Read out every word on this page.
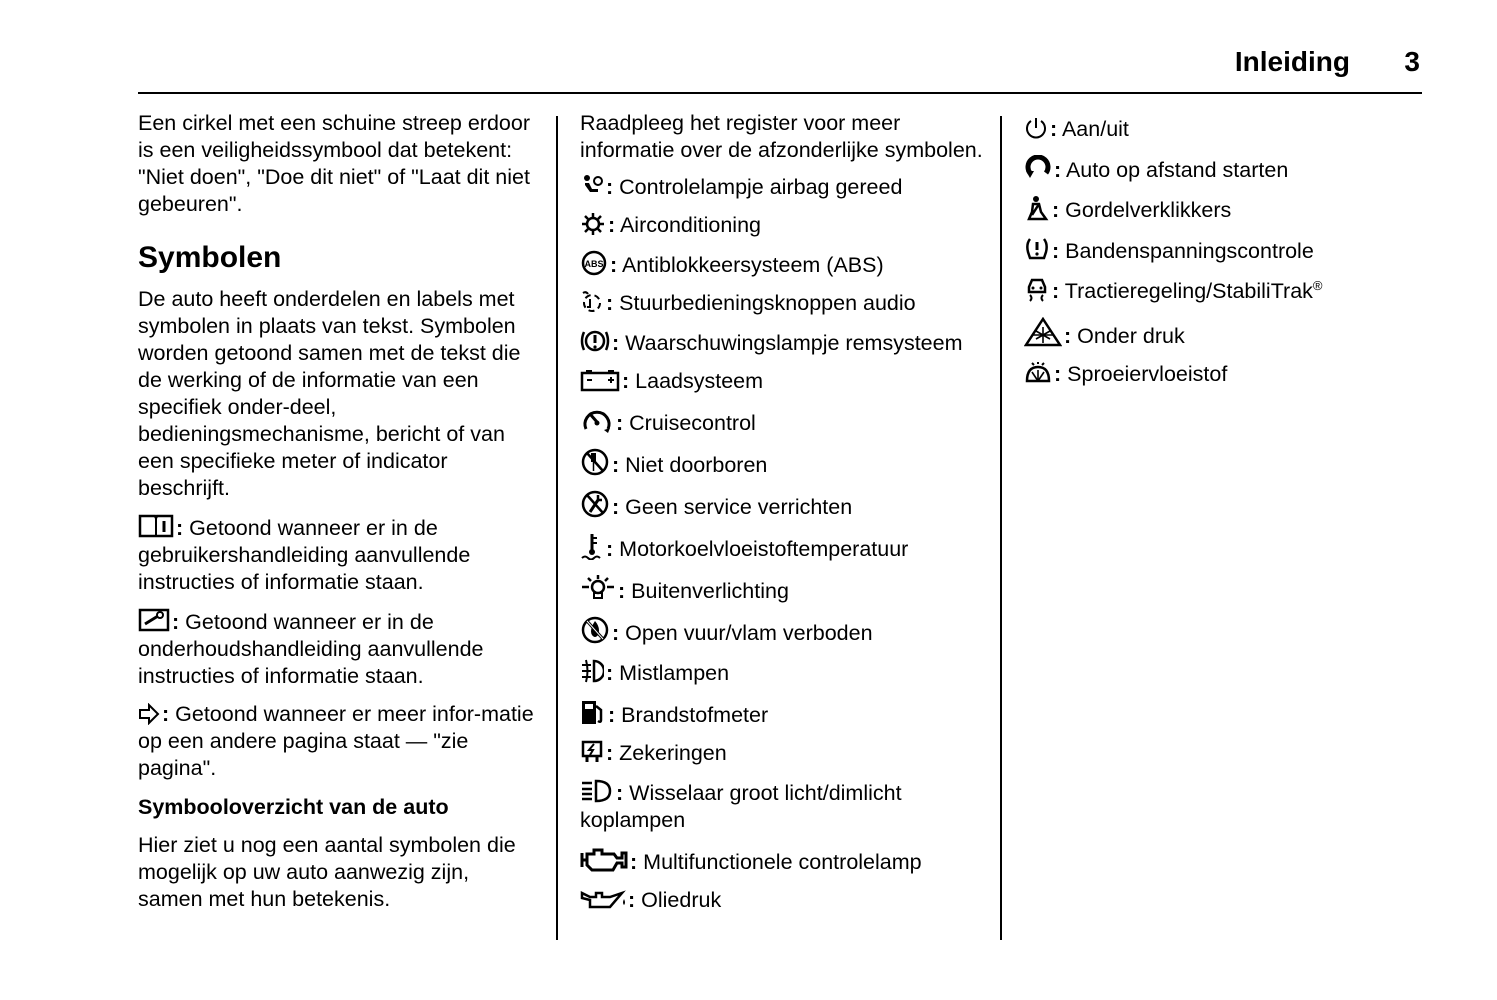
Inleiding 3

Een cirkel met een schuine streep erdoor is een veiligheidssymbool dat betekent: "Niet doen", "Doe dit niet" of "Laat dit niet gebeuren".

Symbolen

De auto heeft onderdelen en labels met symbolen in plaats van tekst. Symbolen worden getoond samen met de tekst die de werking of de informatie van een specifiek onder-deel, bedieningsmechanisme, bericht of van een specifieke meter of indicator beschrijft.

: Getoond wanneer er in de gebruikershandleiding aanvullende instructies of informatie staan.

: Getoond wanneer er in de onderhoudshandleiding aanvullende instructies of informatie staan.

: Getoond wanneer er meer infor-matie op een andere pagina staat — "zie pagina".

Symbooloverzicht van de auto

Hier ziet u nog een aantal symbolen die mogelijk op uw auto aanwezig zijn, samen met hun betekenis.

Raadpleeg het register voor meer informatie over de afzonderlijke symbolen.

: Controlelampje airbag gereed

: Airconditioning

ABS : Antiblokkeersysteem (ABS)

: Stuurbedieningsknoppen audio

: Waarschuwingslampje remsysteem

: Laadsysteem

: Cruisecontrol

: Niet doorboren

: Geen service verrichten

: Motorkoelvloeistoftemperatuur

: Buitenverlichting

: Open vuur/vlam verboden

: Mistlampen

: Brandstofmeter

: Zekeringen

: Wisselaar groot licht/dimlicht koplampen

: Multifunctionele controlelamp

: Oliedruk

: Aan/uit

: Auto op afstand starten

: Gordelverklikkers

: Bandenspanningscontrole

: Tractieregeling/StabiliTrak®

: Onder druk

: Sproeiervloeistof
